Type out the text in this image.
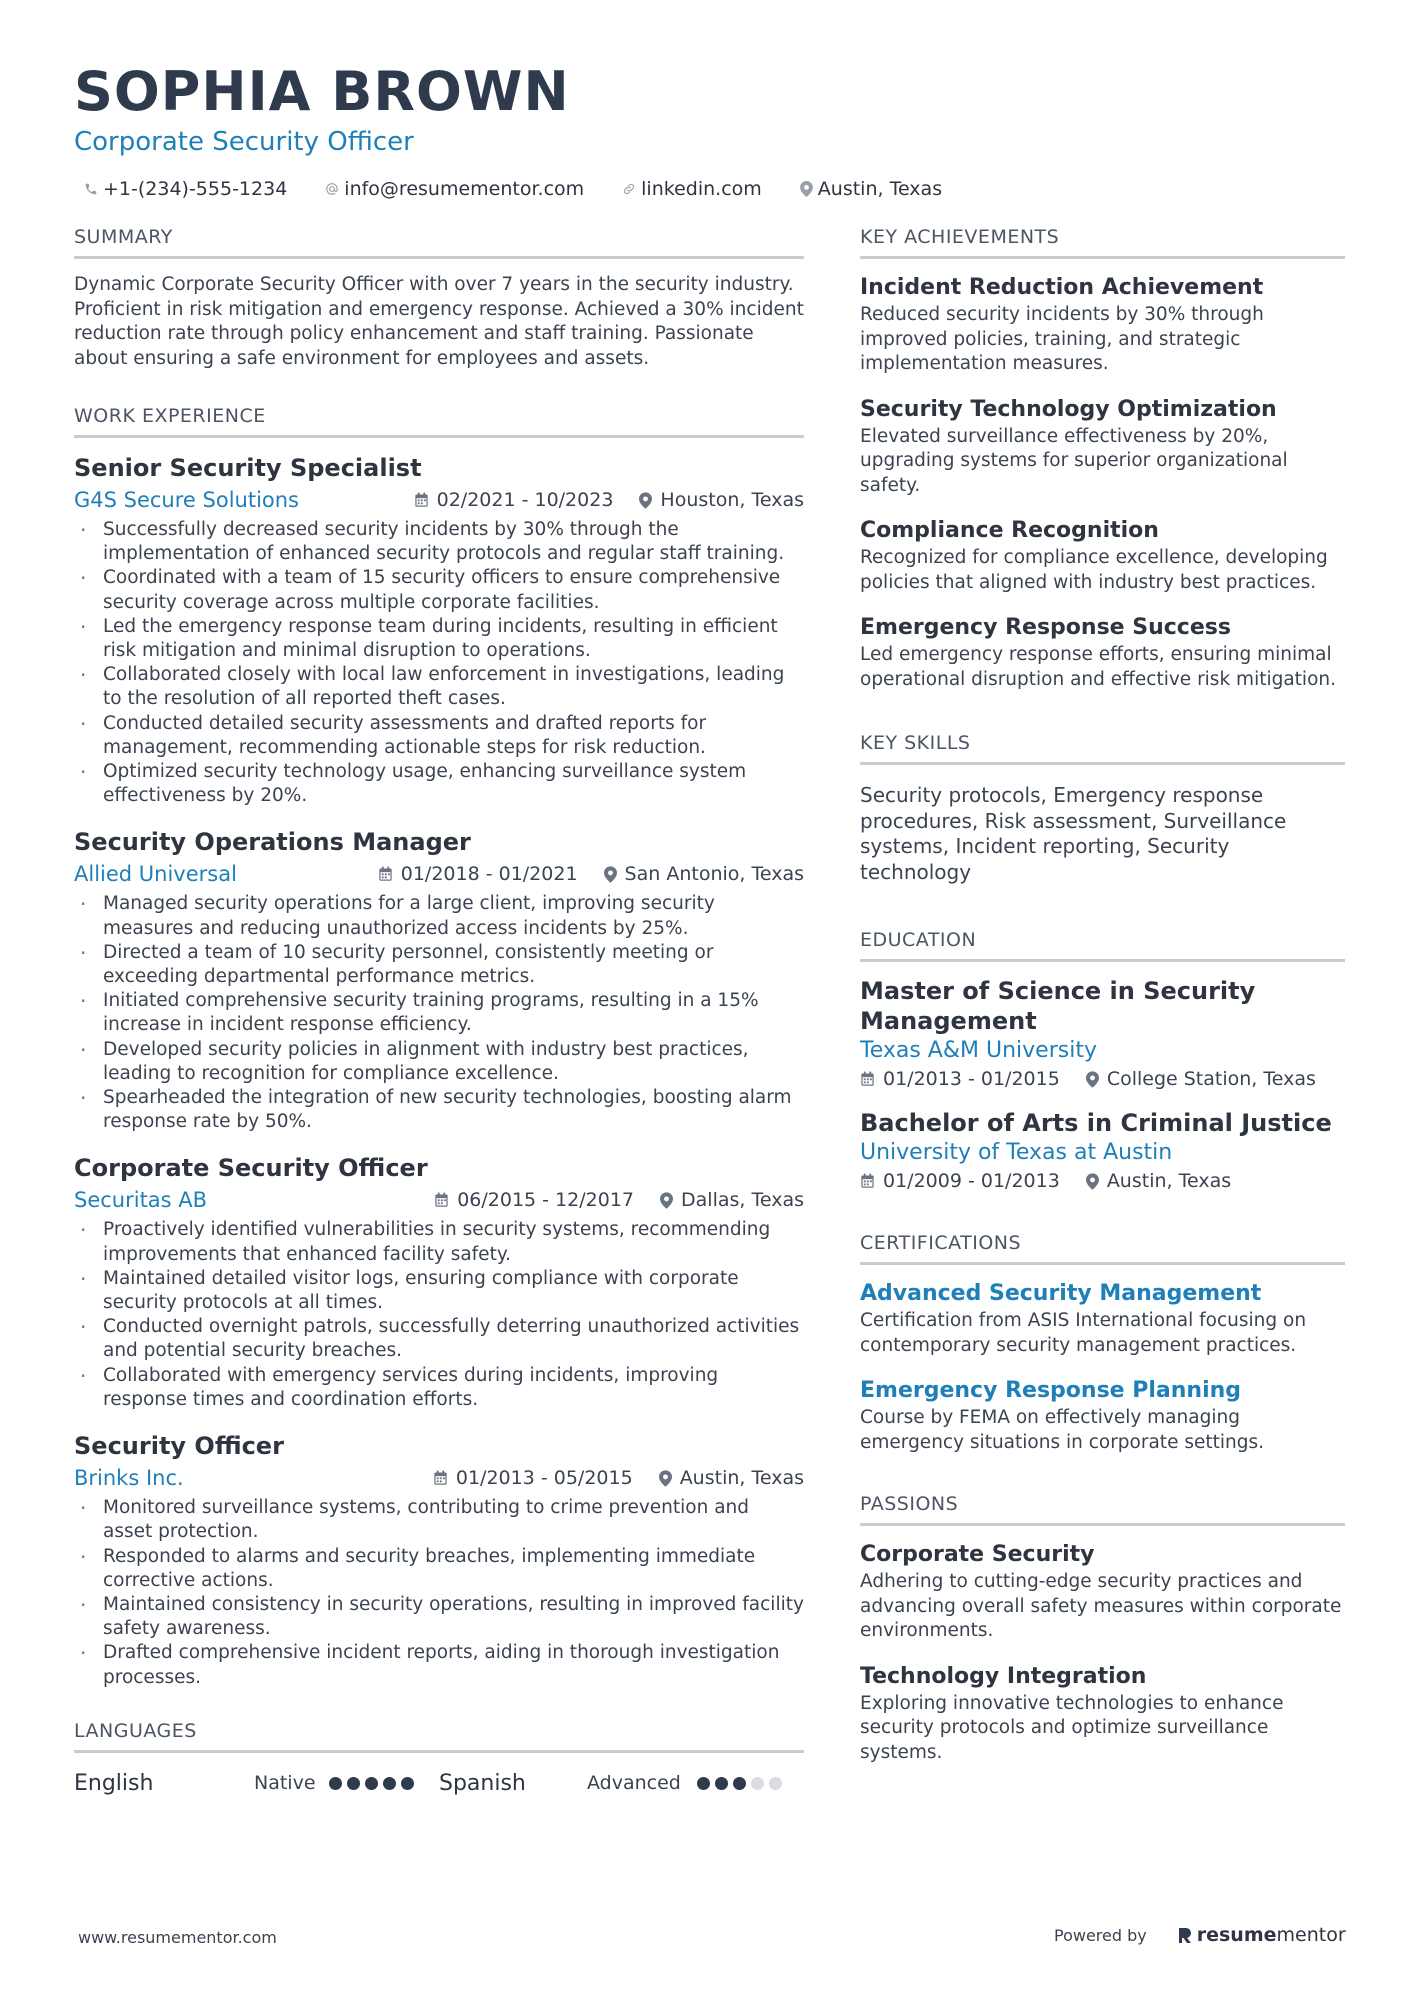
SOPHIA BROWN
Corporate Security Officer
+1-(234)-555-1234	info@resumementor.com	linkedin.com	Austin, Texas
SUMMARY

Dynamic Corporate Security Officer with over 7 years in the security industry. Proficient in risk mitigation and emergency response. Achieved a 30% incident reduction rate through policy enhancement and staff training. Passionate about ensuring a safe environment for employees and assets.

WORK EXPERIENCE
Senior Security Specialist
G4S Secure Solutions	02/2021 - 10/2023 Houston, Texas
· Successfully decreased security incidents by 30% through the implementation of enhanced security protocols and regular staff training.
· Coordinated with a team of 15 security officers to ensure comprehensive security coverage across multiple corporate facilities.
· Led the emergency response team during incidents, resulting in efficient risk mitigation and minimal disruption to operations.
· Collaborated closely with local law enforcement in investigations, leading to the resolution of all reported theft cases.
· Conducted detailed security assessments and drafted reports for management, recommending actionable steps for risk reduction.
· Optimized security technology usage, enhancing surveillance system effectiveness by 20%.
Security Operations Manager
Allied Universal	01/2018 - 01/2021 San Antonio, Texas
· Managed security operations for a large client, improving security measures and reducing unauthorized access incidents by 25%.
· Directed a team of 10 security personnel, consistently meeting or exceeding departmental performance metrics.
· Initiated comprehensive security training programs, resulting in a 15% increase in incident response efficiency.
· Developed security policies in alignment with industry best practices, leading to recognition for compliance excellence.
· Spearheaded the integration of new security technologies, boosting alarm response rate by 50%.
Corporate Security Officer
Securitas AB	06/2015 - 12/2017 Dallas, Texas
· Proactively identified vulnerabilities in security systems, recommending improvements that enhanced facility safety.
· Maintained detailed visitor logs, ensuring compliance with corporate security protocols at all times.
· Conducted overnight patrols, successfully deterring unauthorized activities and potential security breaches.
· Collaborated with emergency services during incidents, improving response times and coordination efforts.
Security Officer
Brinks Inc.	01/2013 - 05/2015 Austin, Texas
· Monitored surveillance systems, contributing to crime prevention and asset protection.
· Responded to alarms and security breaches, implementing immediate corrective actions.
· Maintained consistency in security operations, resulting in improved facility safety awareness.
· Drafted comprehensive incident reports, aiding in thorough investigation processes.
LANGUAGES
English	Native	Spanish	Advanced
KEY ACHIEVEMENTS
Incident Reduction Achievement

Reduced security incidents by 30% through improved policies, training, and strategic implementation measures.

Security Technology Optimization

Elevated surveillance effectiveness by 20%, upgrading systems for superior organizational safety.

Compliance Recognition

Recognized for compliance excellence, developing policies that aligned with industry best practices.

Emergency Response Success

Led emergency response efforts, ensuring minimal operational disruption and effective risk mitigation.

KEY SKILLS

Security protocols, Emergency response procedures, Risk assessment, Surveillance systems, Incident reporting, Security technology

EDUCATION
Master of Science in Security Management
Texas A&M University
01/2013 - 01/2015 College Station, Texas
Bachelor of Arts in Criminal Justice
University of Texas at Austin
01/2009 - 01/2013 Austin, Texas
CERTIFICATIONS
Advanced Security Management

Certification from ASIS International focusing on contemporary security management practices.

Emergency Response Planning

Course by FEMA on effectively managing emergency situations in corporate settings.

PASSIONS
Corporate Security

Adhering to cutting-edge security practices and advancing overall safety measures within corporate environments.

Technology Integration

Exploring innovative technologies to enhance security protocols and optimize surveillance systems.

www.resumementor.com	Powered by	resume mentor
